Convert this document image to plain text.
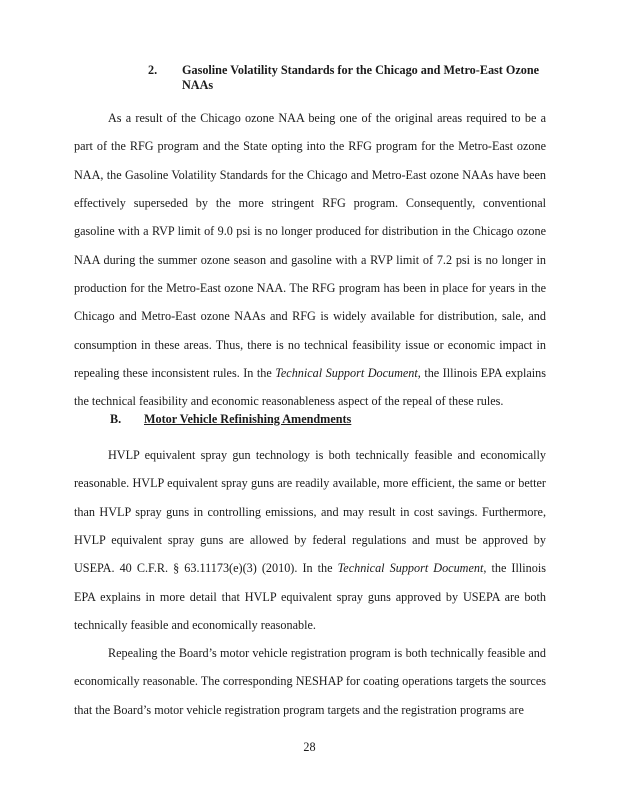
2. Gasoline Volatility Standards for the Chicago and Metro-East Ozone NAAs

As a result of the Chicago ozone NAA being one of the original areas required to be a part of the RFG program and the State opting into the RFG program for the Metro-East ozone NAA, the Gasoline Volatility Standards for the Chicago and Metro-East ozone NAAs have been effectively superseded by the more stringent RFG program. Consequently, conventional gasoline with a RVP limit of 9.0 psi is no longer produced for distribution in the Chicago ozone NAA during the summer ozone season and gasoline with a RVP limit of 7.2 psi is no longer in production for the Metro-East ozone NAA. The RFG program has been in place for years in the Chicago and Metro-East ozone NAAs and RFG is widely available for distribution, sale, and consumption in these areas. Thus, there is no technical feasibility issue or economic impact in repealing these inconsistent rules. In the Technical Support Document, the Illinois EPA explains the technical feasibility and economic reasonableness aspect of the repeal of these rules.

B. Motor Vehicle Refinishing Amendments

HVLP equivalent spray gun technology is both technically feasible and economically reasonable. HVLP equivalent spray guns are readily available, more efficient, the same or better than HVLP spray guns in controlling emissions, and may result in cost savings. Furthermore, HVLP equivalent spray guns are allowed by federal regulations and must be approved by USEPA. 40 C.F.R. § 63.11173(e)(3) (2010). In the Technical Support Document, the Illinois EPA explains in more detail that HVLP equivalent spray guns approved by USEPA are both technically feasible and economically reasonable.

Repealing the Board’s motor vehicle registration program is both technically feasible and economically reasonable. The corresponding NESHAP for coating operations targets the sources that the Board’s motor vehicle registration program targets and the registration programs are

28
